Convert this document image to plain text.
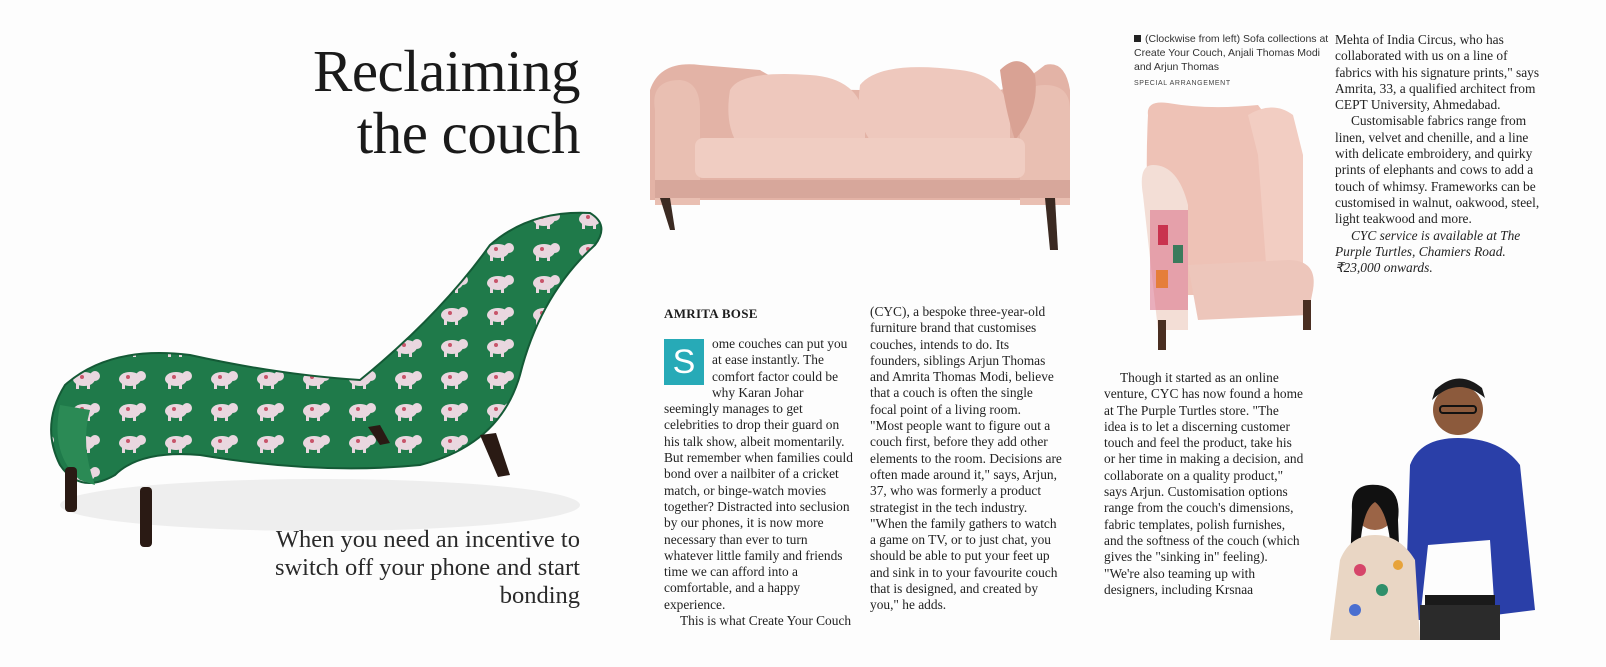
Reclaiming
the couch
When you need an incentive to switch off your phone and start bonding
(Clockwise from left) Sofa collections at Create Your Couch, Anjali Thomas Modi and Arjun Thomas
SPECIAL ARRANGEMENT
AMRITA BOSE

S	ome couches can put you at ease instantly. The comfort factor could be why Karan Johar seemingly manages to get celebrities to drop their guard on his talk show, albeit momentarily. But remember when families could bond over a nailbiter of a cricket match, or binge-watch movies together? Distracted into seclusion by our phones, it is now more necessary than ever to turn whatever little family and friends time we can afford into a comfortable, and a happy experience.

This is what Create Your Couch

(CYC), a bespoke three-year-old furniture brand that customises couches, intends to do. Its founders, siblings Arjun Thomas and Amrita Thomas Modi, believe that a couch is often the single focal point of a living room.

"Most people want to figure out a couch first, before they add other elements to the room. Decisions are often made around it," says, Arjun, 37, who was formerly a product strategist in the tech industry. "When the family gathers to watch a game on TV, or to just chat, you should be able to put your feet up and sink in to your favourite couch that is designed, and created by you," he adds.

Though it started as an online venture, CYC has now found a home at The Purple Turtles store. "The idea is to let a discerning customer touch and feel the product, take his or her time in making a decision, and collaborate on a quality product," says Arjun. Customisation options range from the couch's dimensions, fabric templates, polish furnishes, and the softness of the couch (which gives the "sinking in" feeling). "We're also teaming up with designers, including Krsnaa

Mehta of India Circus, who has collaborated with us on a line of fabrics with his signature prints," says Amrita, 33, a qualified architect from CEPT University, Ahmedabad.

Customisable fabrics range from linen, velvet and chenille, and a line with delicate embroidery, and quirky prints of elephants and cows to add a touch of whimsy. Frameworks can be customised in walnut, oakwood, steel, light teakwood and more.

CYC service is available at The Purple Turtles, Chamiers Road. ₹23,000 onwards.
